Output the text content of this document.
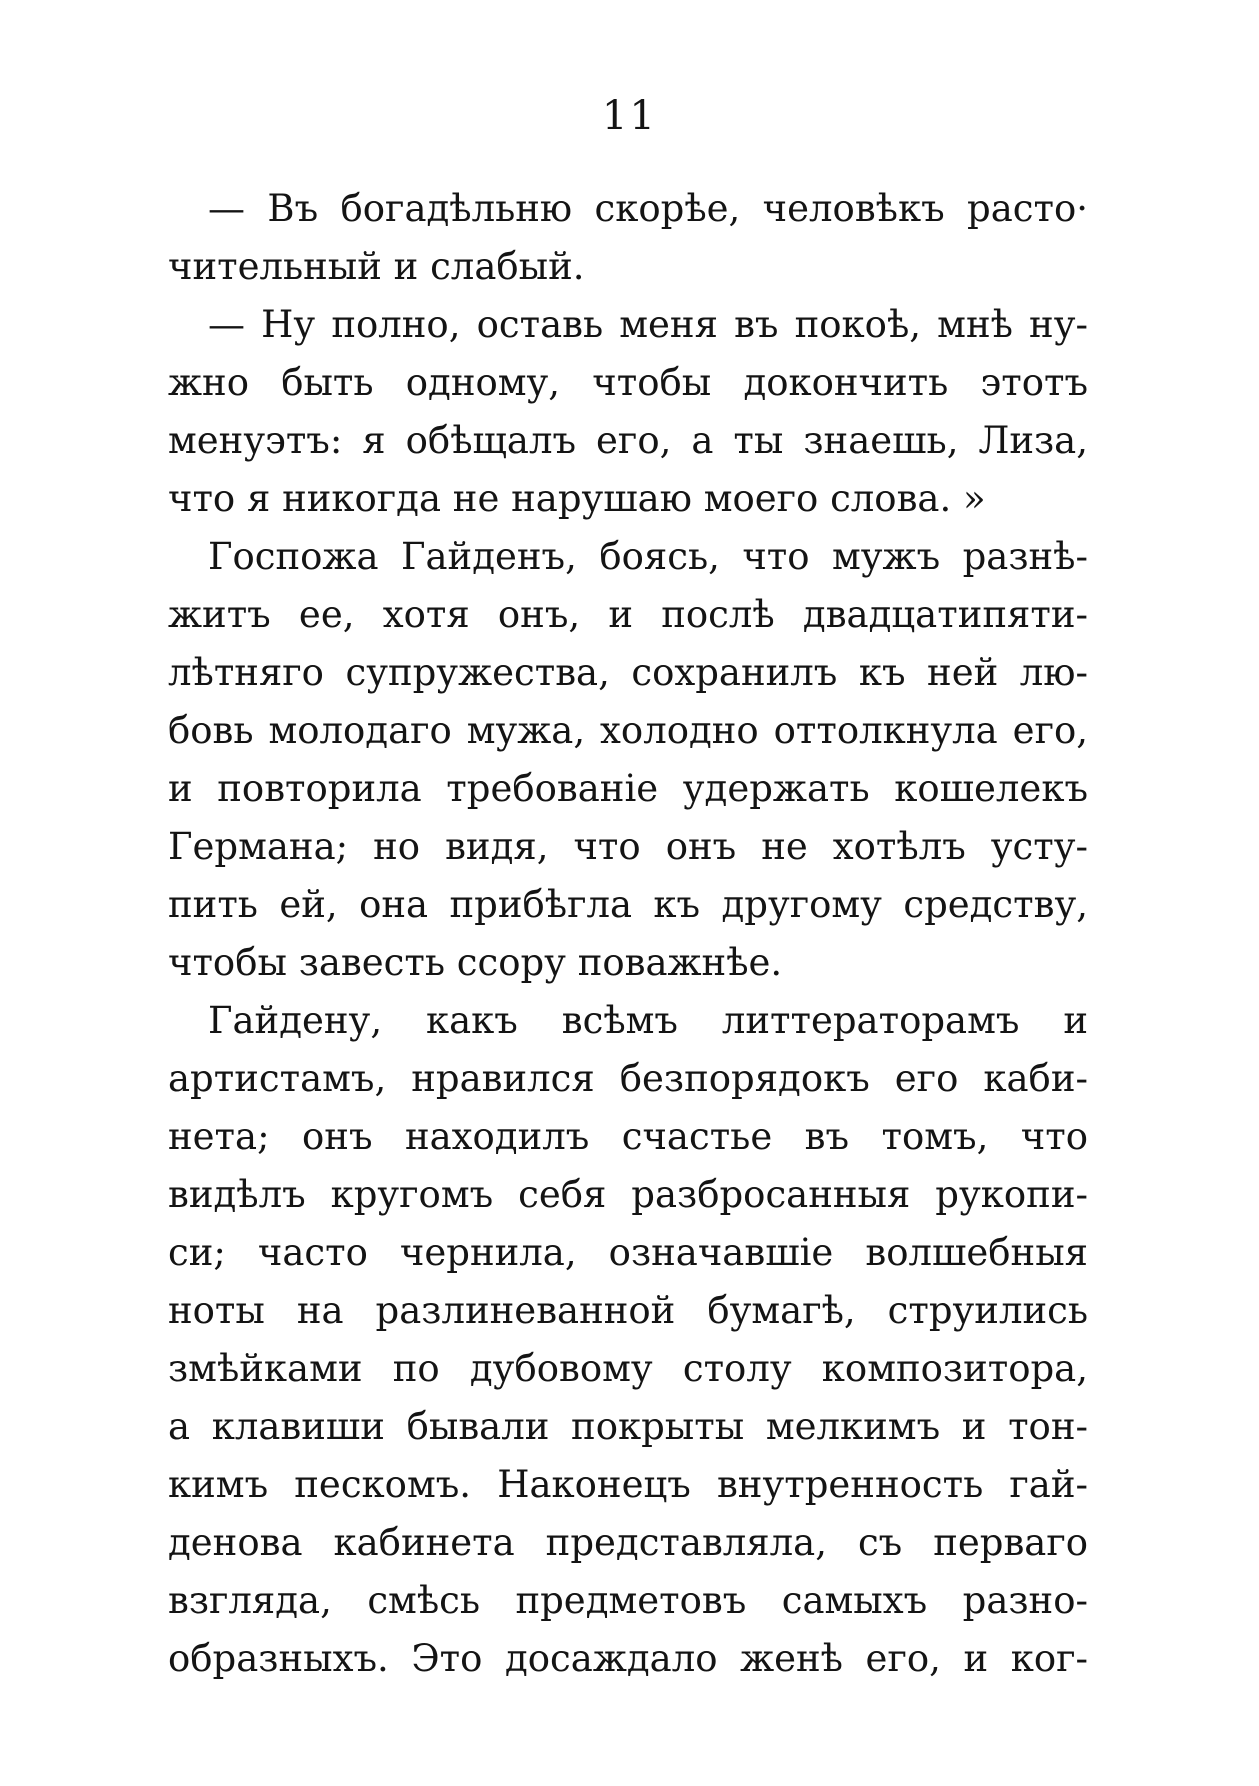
11
— Въ богадѣльню скорѣе, человѣкъ расто·
чительный и слабый.
— Ну полно, оставь меня въ покоѣ, мнѣ ну-
жно быть одному, чтобы докончить этотъ
менуэтъ: я обѣщалъ его, а ты знаешь, Лиза,
что я никогда не нарушаю моего слова. »
Госпожа Гайденъ, боясь, что мужъ разнѣ-
житъ ее, хотя онъ, и послѣ двадцатипяти-
лѣтняго супружества, сохранилъ къ ней лю-
бовь молодаго мужа, холодно оттолкнула его,
и повторила требованіе удержать кошелекъ
Германа; но видя, что онъ не хотѣлъ усту-
пить ей, она прибѣгла къ другому средству,
чтобы завесть ссору поважнѣе.
Гайдену, какъ всѣмъ литтераторамъ и
артистамъ, нравился безпорядокъ его каби-
нета; онъ находилъ счастье въ томъ, что
видѣлъ кругомъ себя разбросанныя рукопи-
си; часто чернила, означавшіе волшебныя
ноты на разлиневанной бумагѣ, струились
змѣйками по дубовому столу композитора,
а клавиши бывали покрыты мелкимъ и тон-
кимъ пескомъ. Наконецъ внутренность гай-
денова кабинета представляла, съ перваго
взгляда, смѣсь предметовъ самыхъ разно-
образныхъ. Это досаждало женѣ его, и ког-
